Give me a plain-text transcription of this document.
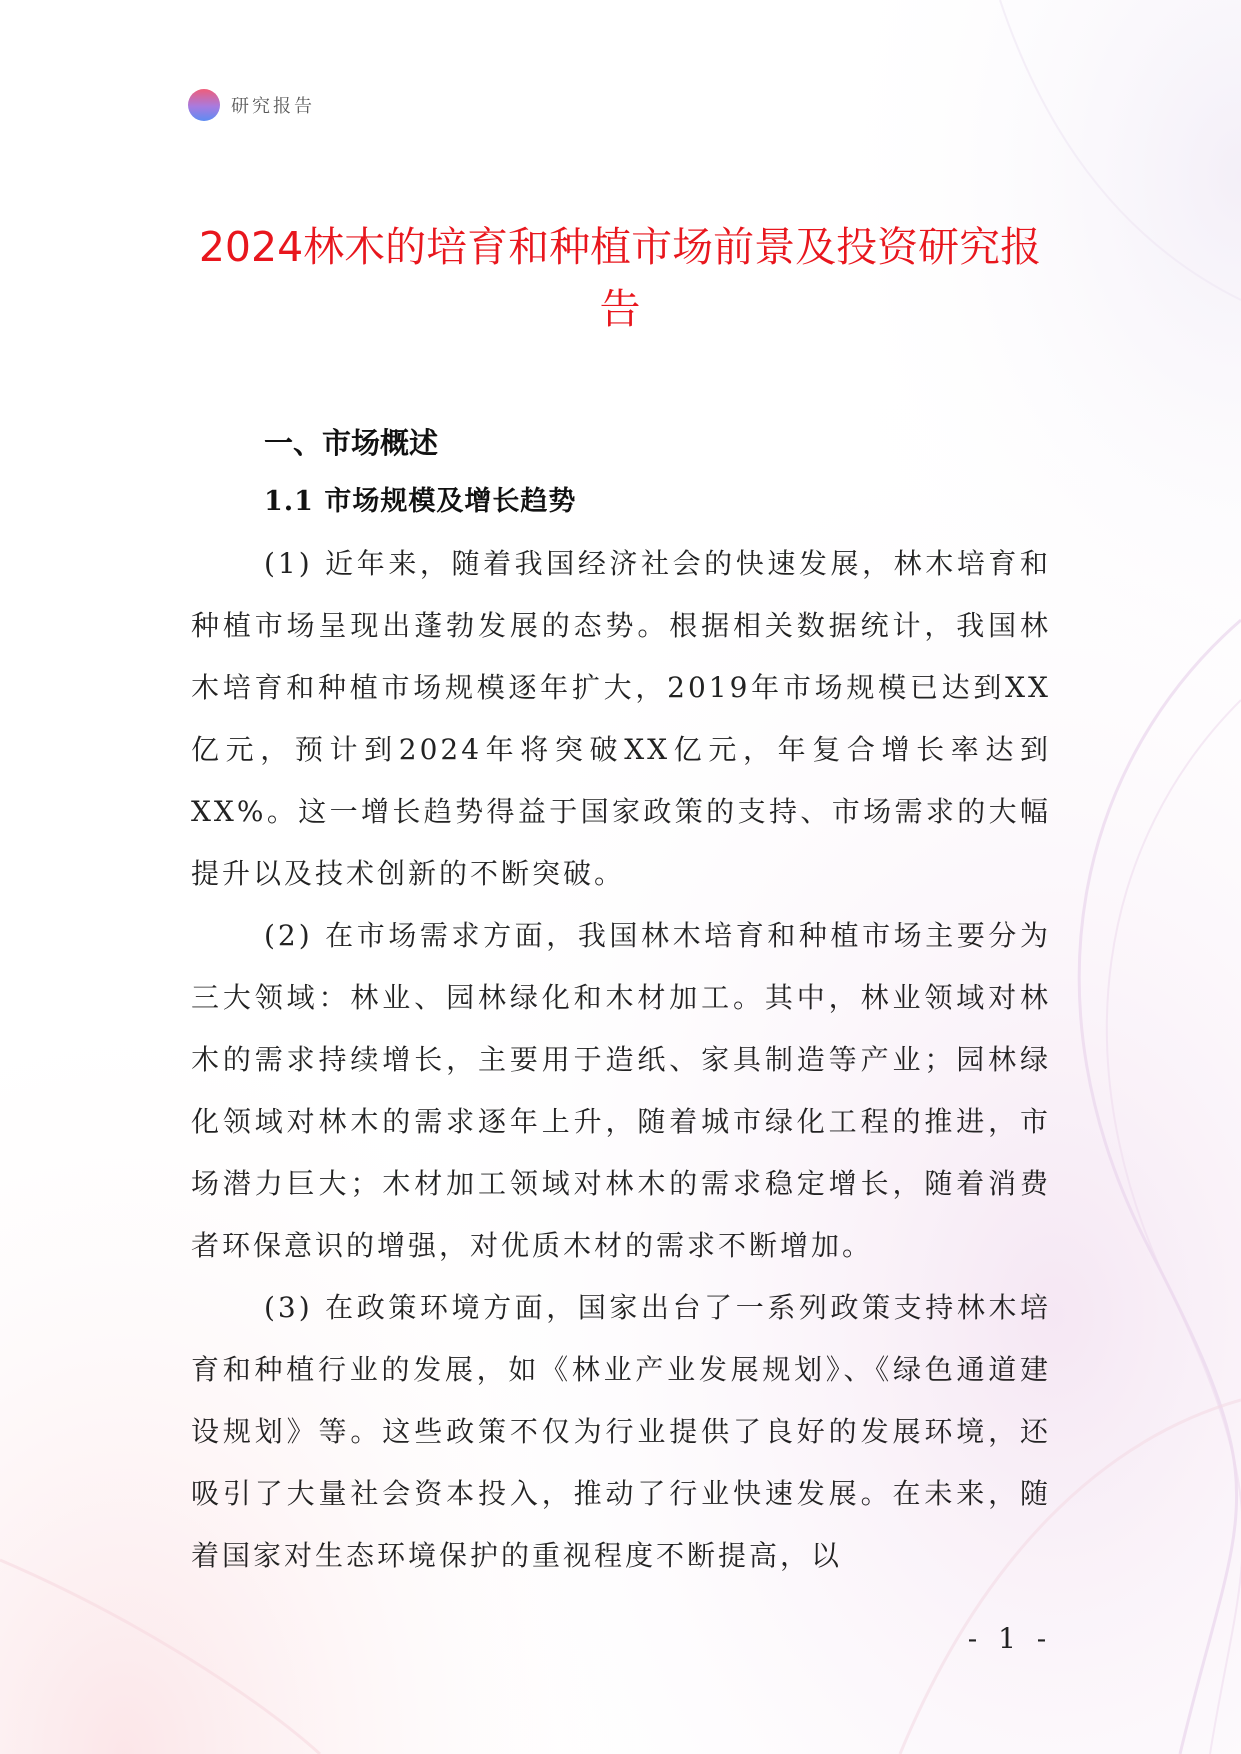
研究报告
2024林木的培育和种植市场前景及投资研究报告
一、市场概述
1.1 市场规模及增长趋势

(1) 近年来，随着我国经济社会的快速发展，林木培育和种植市场呈现出蓬勃发展的态势。根据相关数据统计，我国林木培育和种植市场规模逐年扩大，2019年市场规模已达到XX亿元，预计到2024年将突破XX亿元，年复合增长率达到XX%。这一增长趋势得益于国家政策的支持、市场需求的大幅提升以及技术创新的不断突破。

(2) 在市场需求方面，我国林木培育和种植市场主要分为三大领域：林业、园林绿化和木材加工。其中，林业领域对林木的需求持续增长，主要用于造纸、家具制造等产业；园林绿化领域对林木的需求逐年上升，随着城市绿化工程的推进，市场潜力巨大；木材加工领域对林木的需求稳定增长，随着消费者环保意识的增强，对优质木材的需求不断增加。

(3) 在政策环境方面，国家出台了一系列政策支持林木培育和种植行业的发展，如《林业产业发展规划》、《绿色通道建设规划》等。这些政策不仅为行业提供了良好的发展环境，还吸引了大量社会资本投入，推动了行业快速发展。在未来，随着国家对生态环境保护的重视程度不断提高，以

- 1 -
